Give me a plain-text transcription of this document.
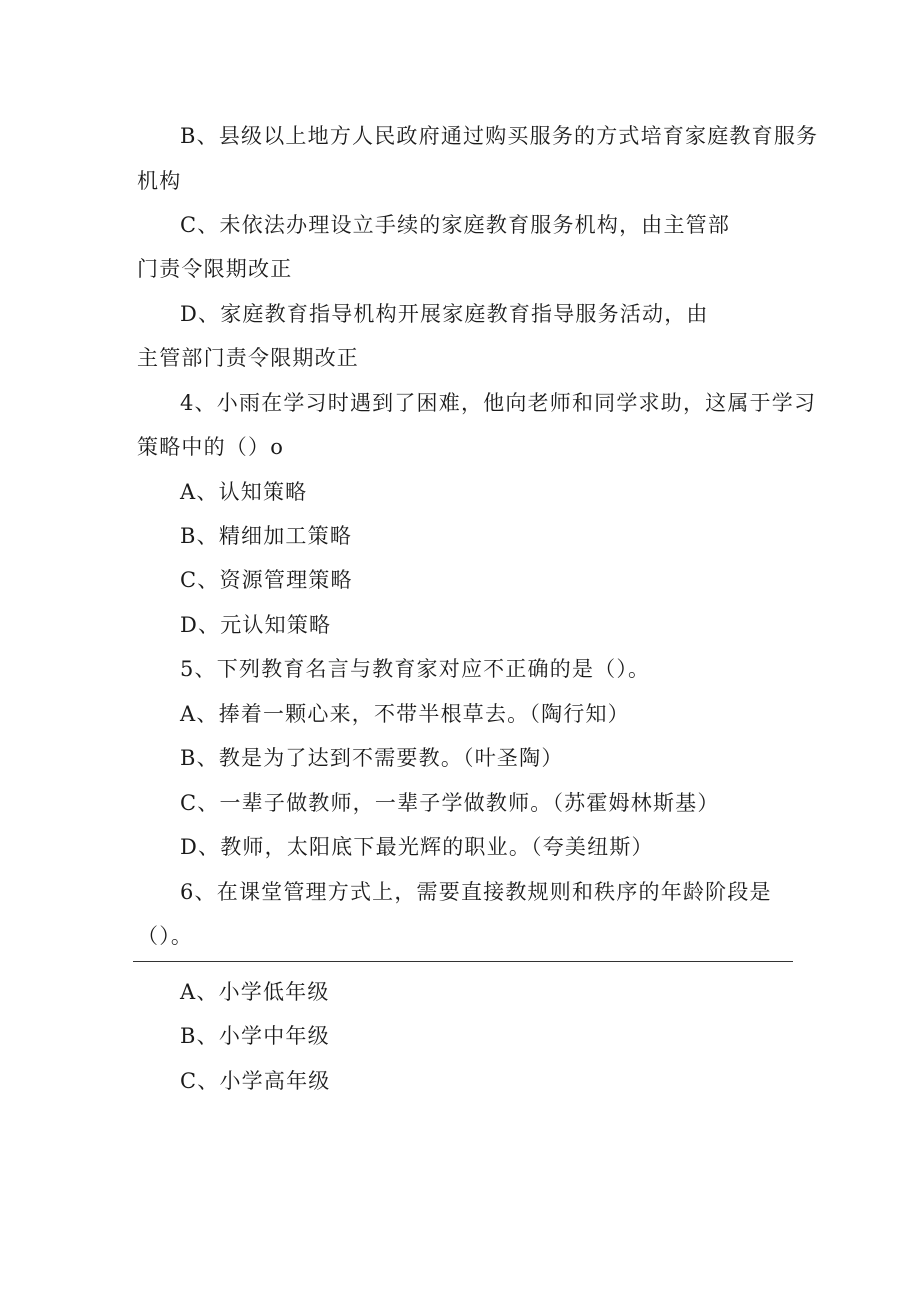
B、县级以上地方人民政府通过购买服务的方式培育家庭教育服务
机构
C、未依法办理设立手续的家庭教育服务机构，由主管部
门责令限期改正
D、家庭教育指导机构开展家庭教育指导服务活动，由
主管部门责令限期改正
4、小雨在学习时遇到了困难，他向老师和同学求助，这属于学习
策略中的（）o
A、认知策略
B、精细加工策略
C、资源管理策略
D、元认知策略
5、下列教育名言与教育家对应不正确的是（）。
A、捧着一颗心来，不带半根草去。（陶行知）
B、教是为了达到不需要教。（叶圣陶）
C、一辈子做教师，一辈子学做教师。（苏霍姆林斯基）
D、教师，太阳底下最光辉的职业。（夸美纽斯）
6、在课堂管理方式上，需要直接教规则和秩序的年龄阶段是
（）。
A、小学低年级
B、小学中年级
C、小学高年级
